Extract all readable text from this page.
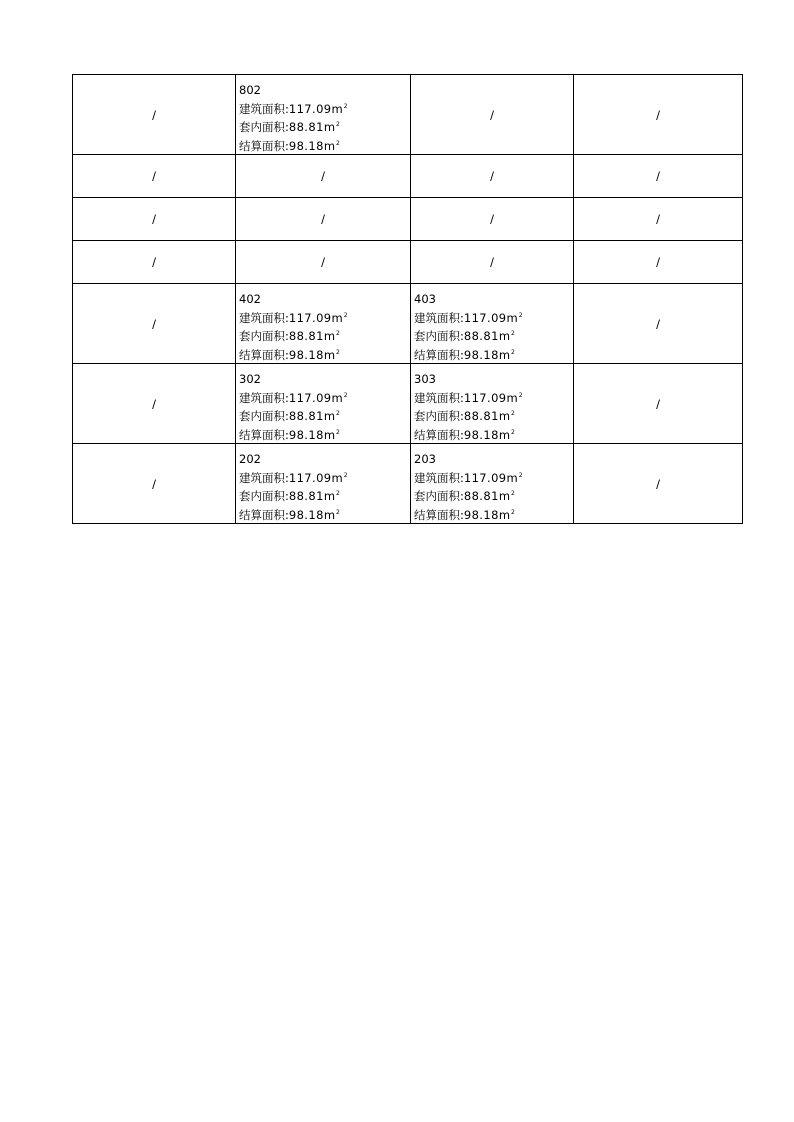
/	802
建筑面积$:117.09m^2$
套内面积$:88.81m^2$
结算面积$:98.18m^2$	/	/
/	/	/	/
/	/	/	/
/	/	/	/
/	402
建筑面积$:117.09m^2$
套内面积$:88.81m^2$
结算面积$:98.18m^2$	403
建筑面积$:117.09m^2$
套内面积$:88.81m^2$
结算面积$:98.18m^2$	/
/	302
建筑面积$:117.09m^2$
套内面积$:88.81m^2$
结算面积$:98.18m^2$	303
建筑面积$:117.09m^2$
套内面积$:88.81m^2$
结算面积$:98.18m^2$	/
/	202
建筑面积$:117.09m^2$
套内面积$:88.81m^2$
结算面积$:98.18m^2$	203
建筑面积$:117.09m^2$
套内面积$:88.81m^2$
结算面积$:98.18m^2$	/
